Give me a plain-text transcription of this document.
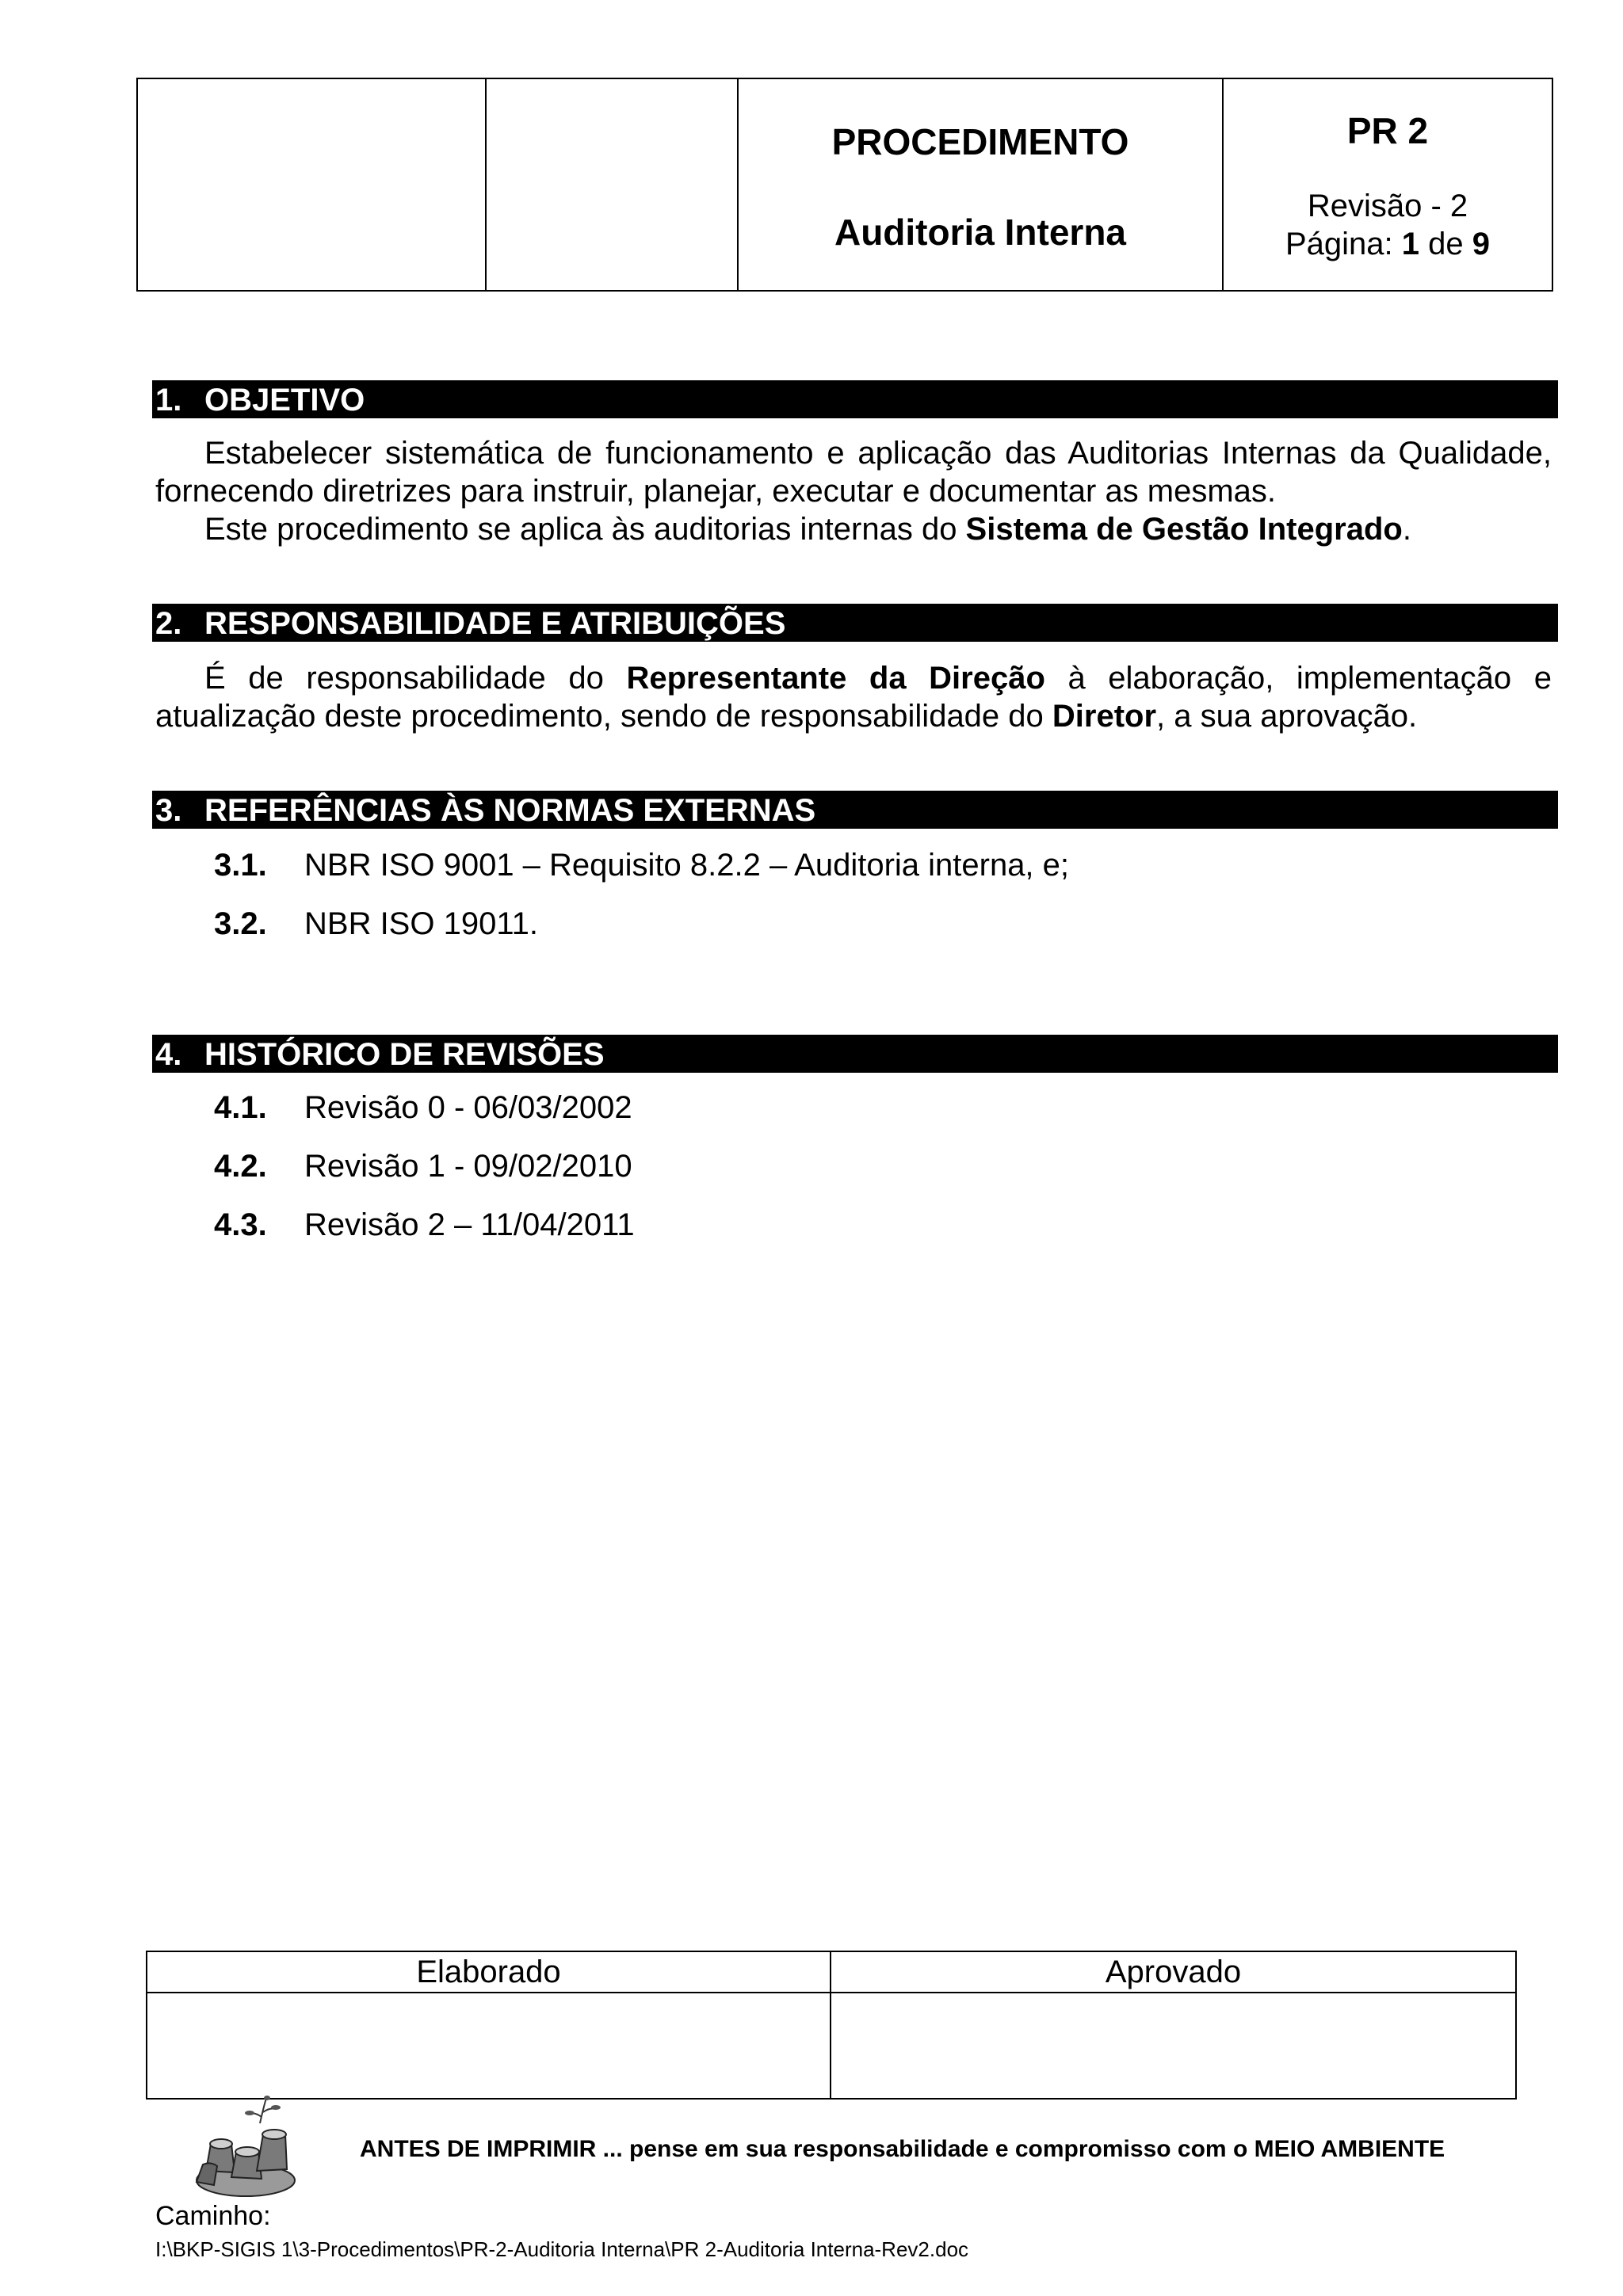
PROCEDIMENTO
Auditoria Interna
PR 2
Revisão - 2
Página: 1 de 9
1. OBJETIVO
Estabelecer sistemática de funcionamento e aplicação das Auditorias Internas da Qualidade, fornecendo diretrizes para instruir, planejar, executar e documentar as mesmas.
Este procedimento se aplica às auditorias internas do Sistema de Gestão Integrado.
2. RESPONSABILIDADE E ATRIBUIÇÕES
É de responsabilidade do Representante da Direção à elaboração, implementação e atualização deste procedimento, sendo de responsabilidade do Diretor, a sua aprovação.
3. REFERÊNCIAS ÀS NORMAS EXTERNAS
3.1. NBR ISO 9001 – Requisito 8.2.2 – Auditoria interna, e;
3.2. NBR ISO 19011.
4. HISTÓRICO DE REVISÕES
4.1. Revisão 0 - 06/03/2002
4.2. Revisão 1 - 09/02/2010
4.3. Revisão 2 – 11/04/2011
Elaborado	Aprovado
ANTES DE IMPRIMIR ... pense em sua responsabilidade e compromisso com o MEIO AMBIENTE
Caminho:
I:\BKP-SIGIS 1\3-Procedimentos\PR-2-Auditoria Interna\PR 2-Auditoria Interna-Rev2.doc
